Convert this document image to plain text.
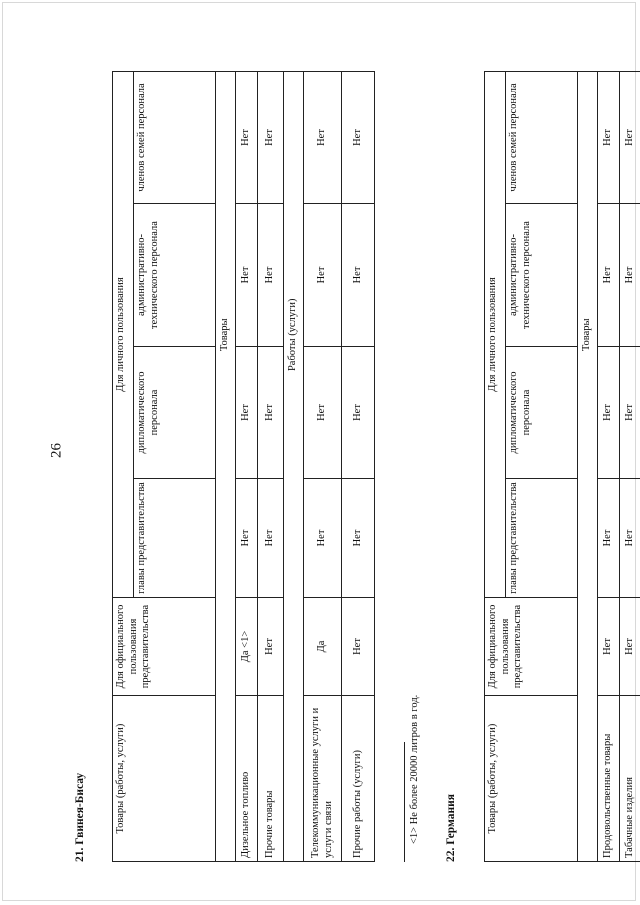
26
21. Гвинея-Бисау	Товары (работы, услуги)	Для официального пользования представительства	Для личного пользования			
		главы представительства	дипломатического персонала	административно-технического персонала	членов семей персонала
		Товары			
Дизельное топливо	Да <1>	Нет	Нет	Нет	Нет
Прочие товары	Нет	Нет	Нет	Нет	Нет
		Работы (услуги)			
Телекоммуникационные услуги и услуги связи	Да	Нет	Нет	Нет	Нет
Прочие работы (услуги)	Нет	Нет	Нет	Нет	Нет

<1> Не более 20000 литров в год. 22. Германия	Товары (работы, услуги)	Для официального пользования представительства	Для личного пользования			
		главы представительства	дипломатического персонала	административно-технического персонала	членов семей персонала
		Товары			
Продовольственные товары	Нет	Нет	Нет	Нет	Нет
Табачные изделия	Нет	Нет	Нет	Нет	Нет
